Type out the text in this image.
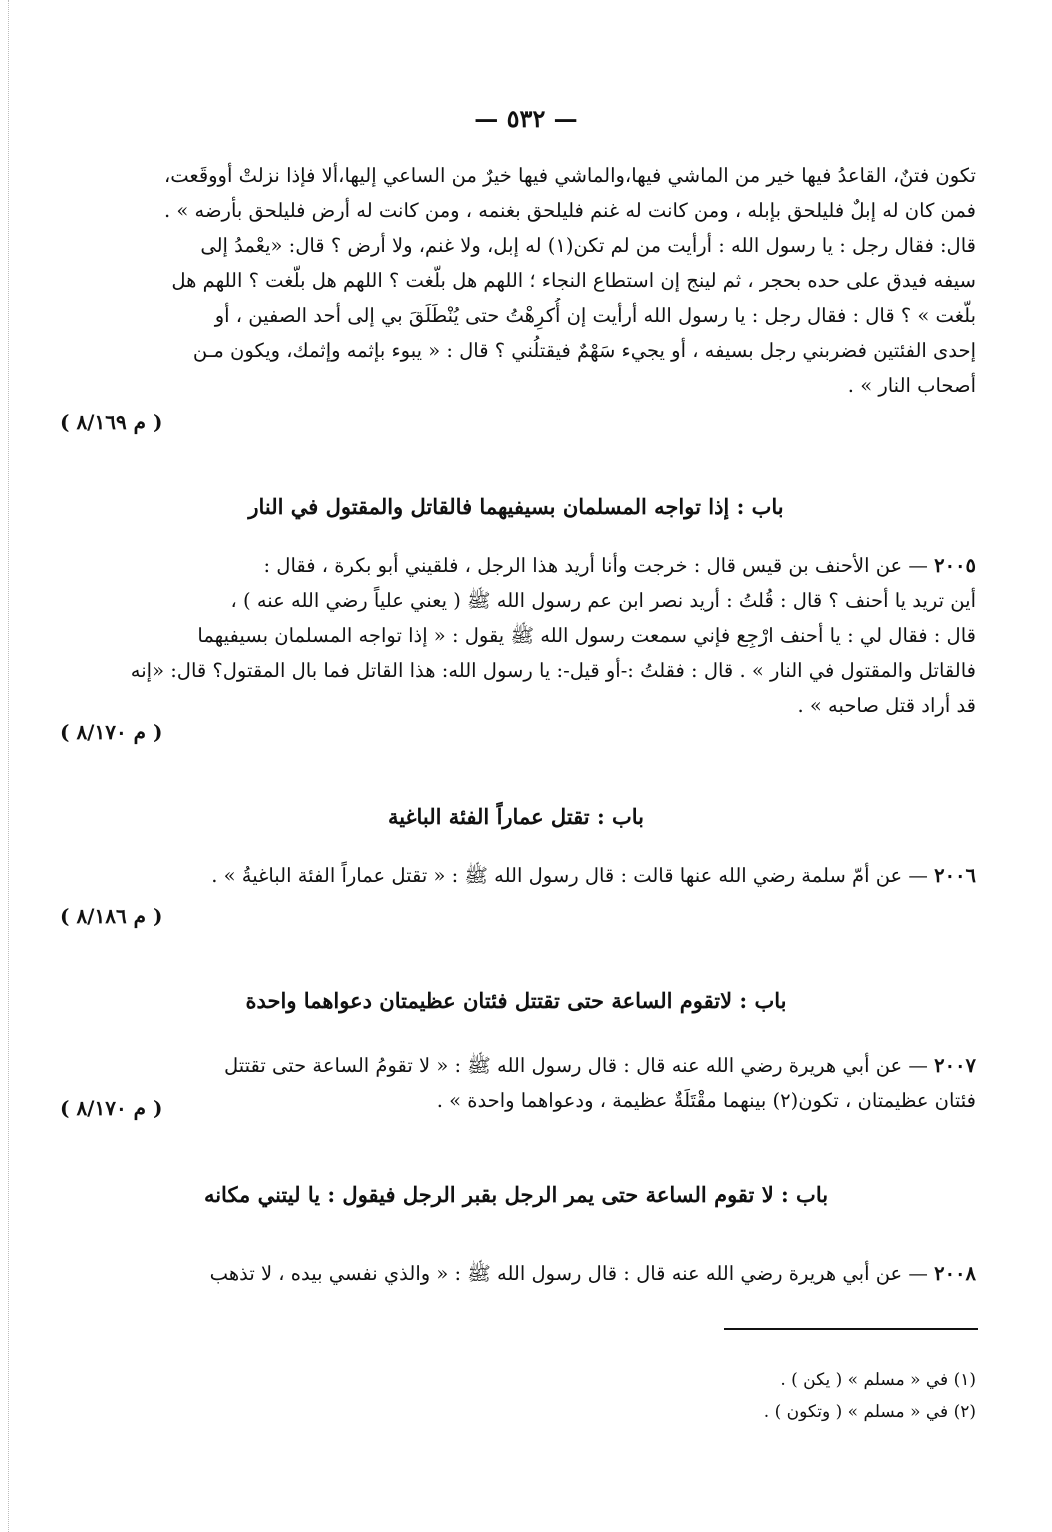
— ٥٣٢ —
تكون فتنٌ، القاعدُ فيها خير من الماشي فيها،والماشي فيها خيرٌ من الساعي إليها،ألا فإذا نزلتْ أووقَعت،
فمن كان له إبلٌ فليلحق بإبله ، ومن كانت له غنم فليلحق بغنمه ، ومن كانت له أرض فليلحق بأرضه » .
قال: فقال رجل : يا رسول الله : أرأيت من لم تكن(١) له إبل، ولا غنم، ولا أرض ؟ قال: «يعْمدُ إلى
سيفه فيدق على حده بحجر ، ثم لينج إن استطاع النجاء ؛ اللهم هل بلّغت ؟ اللهم هل بلّغت ؟ اللهم هل
بلّغت » ؟ قال : فقال رجل : يا رسول الله أرأيت إن أُكرِهْتُ حتى يُنْطَلَقَ بي إلى أحد الصفين ، أو
إحدى الفئتين فضربني رجل بسيفه ، أو يجيء سَهْمٌ فيقتلُني ؟ قال : « يبوء بإثمه وإثمك، ويكون مـن
أصحاب النار » .
( م ٨/١٦٩ )
باب : إذا تواجه المسلمان بسيفيهما فالقاتل والمقتول في النار
٢٠٠٥ — عن الأحنف بن قيس قال : خرجت وأنا أريد هذا الرجل ، فلقيني أبو بكرة ، فقال :
أين تريد يا أحنف ؟ قال : قُلتُ : أريد نصر ابن عم رسول الله ﷺ ( يعني علياً رضي الله عنه ) ،
قال : فقال لي : يا أحنف ارْجِع فإني سمعت رسول الله ﷺ يقول : « إذا تواجه المسلمان بسيفيهما
فالقاتل والمقتول في النار » . قال : فقلتُ :-أو قيل-: يا رسول الله: هذا القاتل فما بال المقتول؟ قال: «إنه
قد أراد قتل صاحبه » .
( م ٨/١٧٠ )
باب : تقتل عماراً الفئة الباغية
٢٠٠٦ — عن أمّ سلمة رضي الله عنها قالت : قال رسول الله ﷺ : « تقتل عماراً الفئة الباغيةُ » .
( م ٨/١٨٦ )
باب : لاتقوم الساعة حتى تقتتل فئتان عظيمتان دعواهما واحدة
٢٠٠٧ — عن أبي هريرة رضي الله عنه قال : قال رسول الله ﷺ : « لا تقومُ الساعة حتى تقتتل
فئتان عظيمتان ، تكون(٢) بينهما مقْتَلَةٌ عظيمة ، ودعواهما واحدة » .
( م ٨/١٧٠ )
باب : لا تقوم الساعة حتى يمر الرجل بقبر الرجل فيقول : يا ليتني مكانه
٢٠٠٨ — عن أبي هريرة رضي الله عنه قال : قال رسول الله ﷺ : « والذي نفسي بيده ، لا تذهب
(١) في « مسلم » ( يكن ) .
(٢) في « مسلم » ( وتكون ) .
